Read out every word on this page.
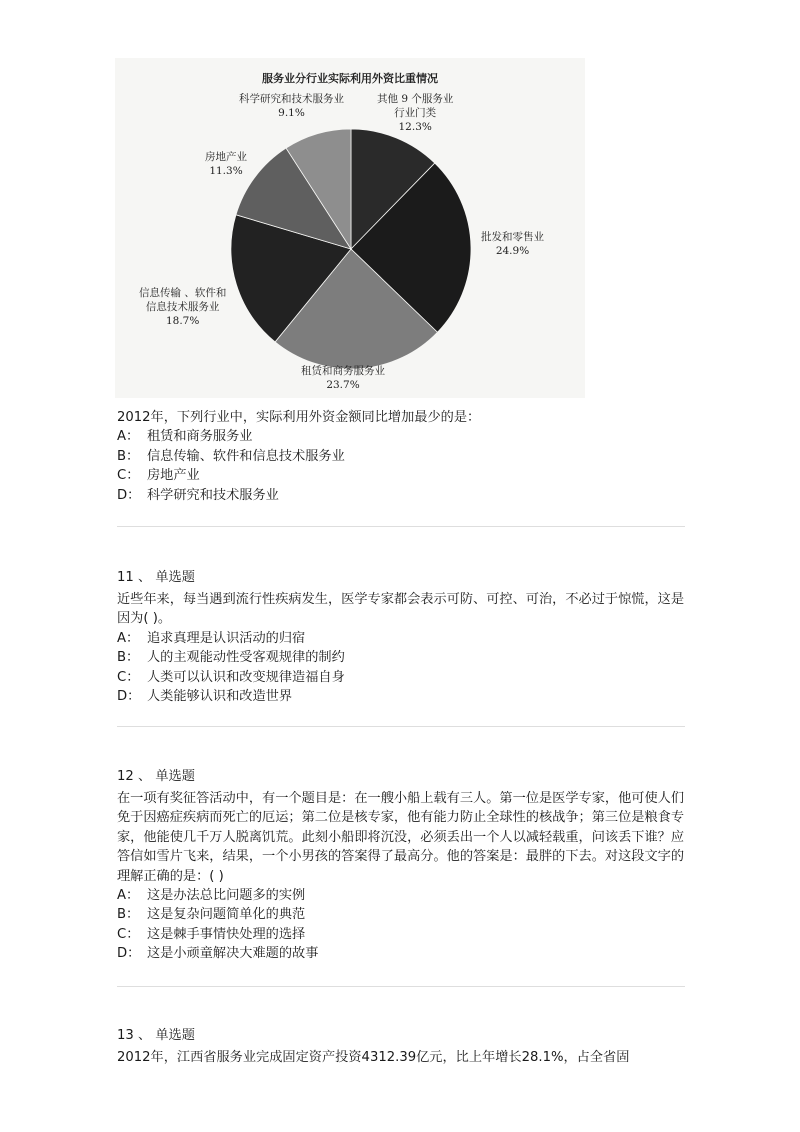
服务业分行业实际利用外资比重情况
其他 9 个服务业
行业门类
12.3%
批发和零售业
24.9%
租赁和商务服务业
23.7%
信息传输 、软件和
信息技术服务业
18.7%
房地产业
11.3%
科学研究和技术服务业
9.1%
2012年，下列行业中，实际利用外资金额同比增加最少的是：
A： 租赁和商务服务业
B： 信息传输、软件和信息技术服务业
C： 房地产业
D： 科学研究和技术服务业
11 、 单选题
近些年来，每当遇到流行性疾病发生，医学专家都会表示可防、可控、可治，不必过于惊慌，这是因为( )。
A： 追求真理是认识活动的归宿
B： 人的主观能动性受客观规律的制约
C： 人类可以认识和改变规律造福自身
D： 人类能够认识和改造世界
12 、 单选题
在一项有奖征答活动中，有一个题目是：在一艘小船上载有三人。第一位是医学专家，他可使人们免于因癌症疾病而死亡的厄运；第二位是核专家，他有能力防止全球性的核战争；第三位是粮食专家，他能使几千万人脱离饥荒。此刻小船即将沉没，必须丢出一个人以减轻载重，问该丢下谁？应答信如雪片飞来，结果，一个小男孩的答案得了最高分。他的答案是：最胖的下去。对这段文字的理解正确的是：( )
A： 这是办法总比问题多的实例
B： 这是复杂问题简单化的典范
C： 这是棘手事情快处理的选择
D： 这是小顽童解决大难题的故事
13 、 单选题
2012年，江西省服务业完成固定资产投资4312.39亿元，比上年增长28.1%，占全省固
